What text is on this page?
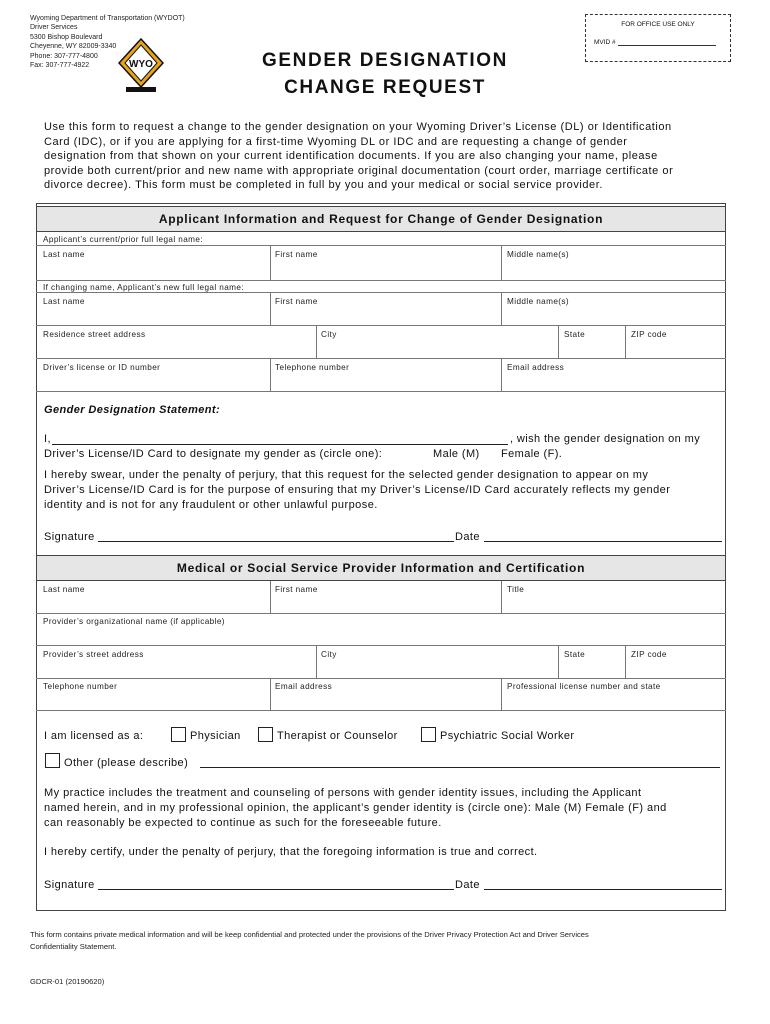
Wyoming Department of Transportation (WYDOT)
Driver Services
5300 Bishop Boulevard
Cheyenne, WY 82009-3340
Phone: 307-777-4800
Fax: 307-777-4922	WYO
FOR OFFICE USE ONLY
MVID #
GENDER DESIGNATION
CHANGE REQUEST

Use this form to request a change to the gender designation on your Wyoming Driver’s License (DL) or Identification

Card (IDC), or if you are applying for a first-time Wyoming DL or IDC and are requesting a change of gender

designation from that shown on your current identification documents. If you are also changing your name, please

provide both current/prior and new name with appropriate original documentation (court order, marriage certificate or

divorce decree). This form must be completed in full by you and your medical or social service provider.

Applicant Information and Request for Change of Gender Designation
Applicant’s current/prior full legal name:
Last name	First name	Middle name(s)
If changing name, Applicant’s new full legal name:
Last name	First name	Middle name(s)
Residence street address	City	State	ZIP code
Driver’s license or ID number	Telephone number	Email address
Gender Designation Statement:
I,	, wish the gender designation on my
Driver’s License/ID Card to designate my gender as (circle one):	Male (M) Female (F).

I hereby swear, under the penalty of perjury, that this request for the selected gender designation to appear on my

Driver’s License/ID Card is for the purpose of ensuring that my Driver’s License/ID Card accurately reflects my gender

identity and is not for any fraudulent or other unlawful purpose.

Signature	Date
Medical or Social Service Provider Information and Certification
Last name	First name	Title
Provider’s organizational name (if applicable)
Provider’s street address	City	State	ZIP code
Telephone number	Email address	Professional license number and state
I am licensed as a:	Physician	Therapist or Counselor	Psychiatric Social Worker
Other (please describe)

My practice includes the treatment and counseling of persons with gender identity issues, including the Applicant

named herein, and in my professional opinion, the applicant’s gender identity is (circle one): Male (M) Female (F) and

can reasonably be expected to continue as such for the foreseeable future.

I hereby certify, under the penalty of perjury, that the foregoing information is true and correct.
Signature	Date
This form contains private medical information and will be keep confidential and protected under the provisions of the Driver Privacy Protection Act and Driver Services
Confidentiality Statement.
GDCR-01 (20190620)
